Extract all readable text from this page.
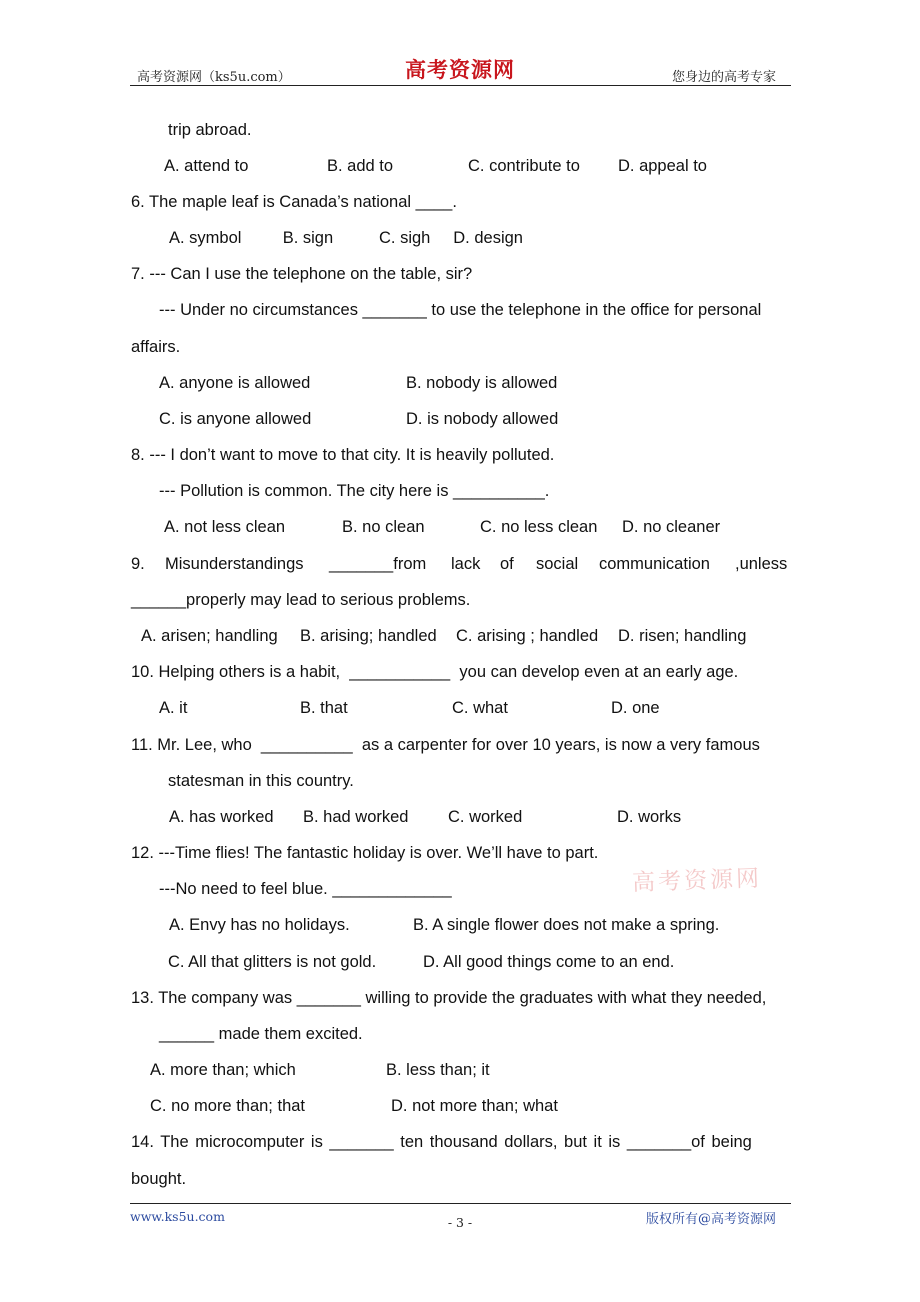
高考资源网（ks5u.com）	高考资源网	您身边的高考专家
trip abroad.
A. attend to	B. add to	C. contribute to D. appeal to
6. The maple leaf is Canada’s national ____.
A. symbol         B. sign          C. sigh     D. design
7. --- Can I use the telephone on the table, sir?
--- Under no circumstances _______ to use the telephone in the office for personal
affairs.
A. anyone is allowed	B. nobody is allowed
C. is anyone allowed	D. is nobody allowed
8. --- I don’t want to move to that city. It is heavily polluted.
--- Pollution is common. The city here is __________.
A. not less clean	B. no clean	C. no less clean D. no cleaner
9. Misunderstandings _______from lack of social communication ,unless
______properly may lead to serious problems.
A. arisen; handling B. arising; handled C. arising ; handled D. risen; handling
10. Helping others is a habit,  ___________  you can develop even at an early age.
A. it	B. that	C. what	D. one
11. Mr. Lee, who  __________  as a carpenter for over 10 years, is now a very famous
statesman in this country.
A. has worked B. had worked C. worked	D. works
12. ---Time flies! The fantastic holiday is over. We’ll have to part.
---No need to feel blue. _____________
A. Envy has no holidays.	B. A single flower does not make a spring.
C. All that glitters is not gold.	D. All good things come to an end.
13. The company was _______ willing to provide the graduates with what they needed,
______ made them excited.
A. more than; which	B. less than; it
C. no more than; that	D. not more than; what
14. The microcomputer is _______ ten thousand dollars, but it is _______of being
bought.
高考资源网
www.ks5u.com	- 3 -	版权所有@高考资源网
